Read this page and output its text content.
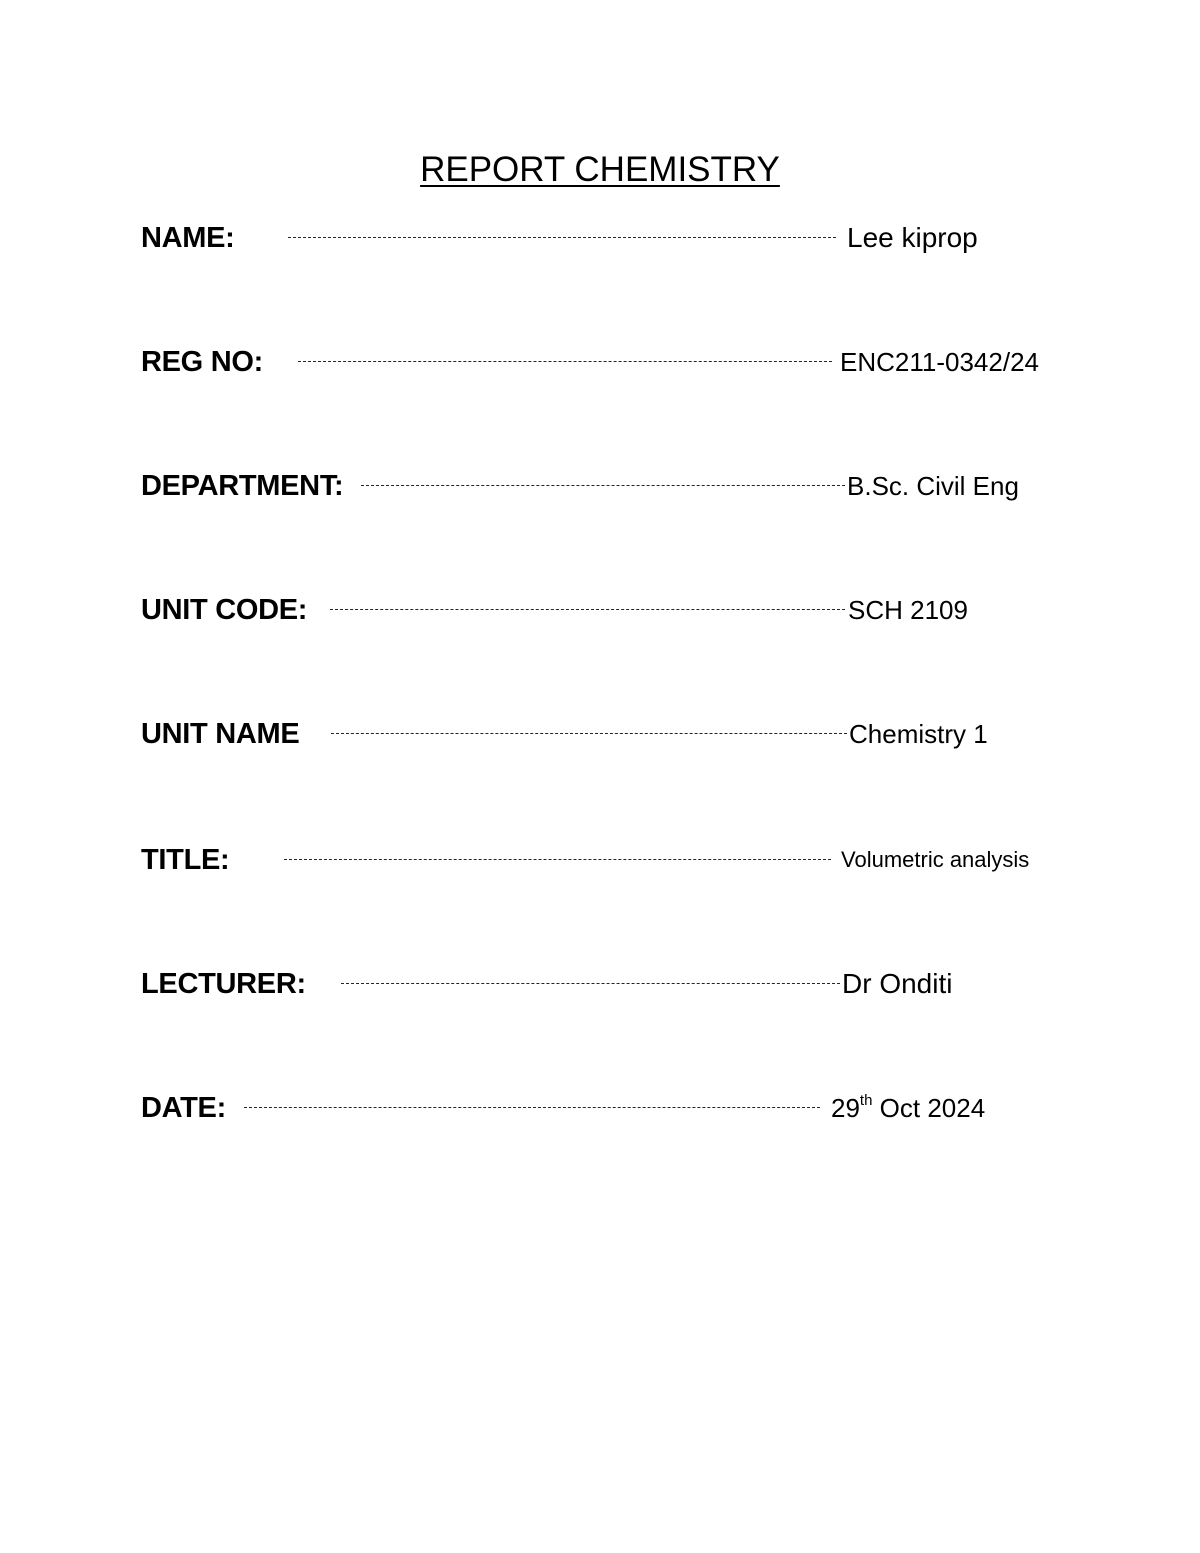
REPORT CHEMISTRY
NAME:	Lee kiprop
REG NO:	ENC211-0342/24
DEPARTMENT:	B.Sc. Civil Eng
UNIT CODE:	SCH 2109
UNIT NAME	Chemistry 1
TITLE:	Volumetric analysis
LECTURER:	Dr Onditi
DATE:	29th Oct 2024
